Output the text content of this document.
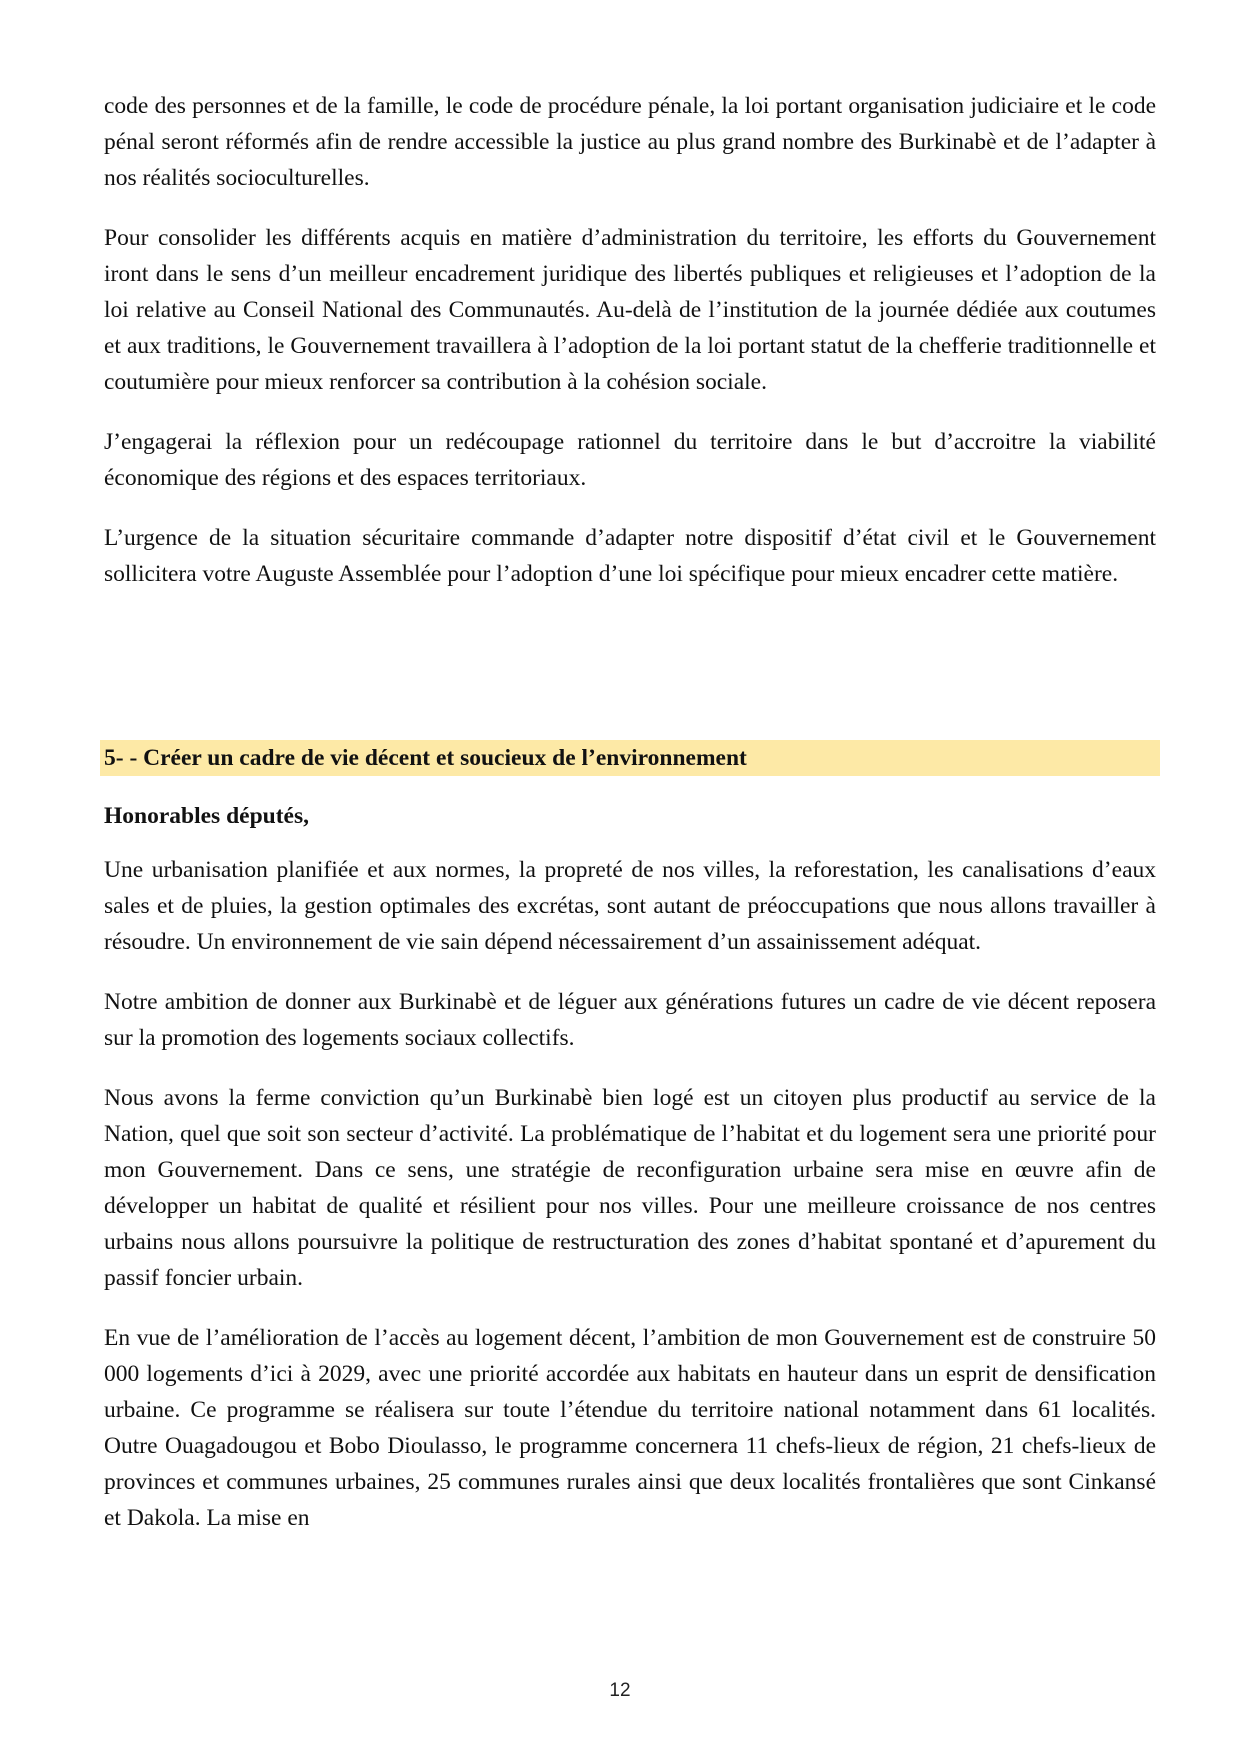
code des personnes et de la famille, le code de procédure pénale, la loi portant organisation judiciaire et le code pénal seront réformés afin de rendre accessible la justice au plus grand nombre des Burkinabè et de l’adapter à nos réalités socioculturelles.

Pour consolider les différents acquis en matière d’administration du territoire, les efforts du Gouvernement iront dans le sens d’un meilleur encadrement juridique des libertés publiques et religieuses et l’adoption de la loi relative au Conseil National des Communautés. Au-delà de l’institution de la journée dédiée aux coutumes et aux traditions, le Gouvernement travaillera à l’adoption de la loi portant statut de la chefferie traditionnelle et coutumière pour mieux renforcer sa contribution à la cohésion sociale.

J’engagerai la réflexion pour un redécoupage rationnel du territoire dans le but d’accroitre la viabilité économique des régions et des espaces territoriaux.

L’urgence de la situation sécuritaire commande d’adapter notre dispositif d’état civil et le Gouvernement sollicitera votre Auguste Assemblée pour l’adoption d’une loi spécifique pour mieux encadrer cette matière.

5- - Créer un cadre de vie décent et soucieux de l’environnement
Honorables députés,

Une urbanisation planifiée et aux normes, la propreté de nos villes, la reforestation, les canalisations d’eaux sales et de pluies, la gestion optimales des excrétas, sont autant de préoccupations que nous allons travailler à résoudre. Un environnement de vie sain dépend nécessairement d’un assainissement adéquat.

Notre ambition de donner aux Burkinabè et de léguer aux générations futures un cadre de vie décent reposera sur la promotion des logements sociaux collectifs.

Nous avons la ferme conviction qu’un Burkinabè bien logé est un citoyen plus productif au service de la Nation, quel que soit son secteur d’activité. La problématique de l’habitat et du logement sera une priorité pour mon Gouvernement. Dans ce sens, une stratégie de reconfiguration urbaine sera mise en œuvre afin de développer un habitat de qualité et résilient pour nos villes. Pour une meilleure croissance de nos centres urbains nous allons poursuivre la politique de restructuration des zones d’habitat spontané et d’apurement du passif foncier urbain.

En vue de l’amélioration de l’accès au logement décent, l’ambition de mon Gouvernement est de construire 50 000 logements d’ici à 2029, avec une priorité accordée aux habitats en hauteur dans un esprit de densification urbaine. Ce programme se réalisera sur toute l’étendue du territoire national notamment dans 61 localités. Outre Ouagadougou et Bobo Dioulasso, le programme concernera 11 chefs-lieux de région, 21 chefs-lieux de provinces et communes urbaines, 25 communes rurales ainsi que deux localités frontalières que sont Cinkansé et Dakola. La mise en

12
